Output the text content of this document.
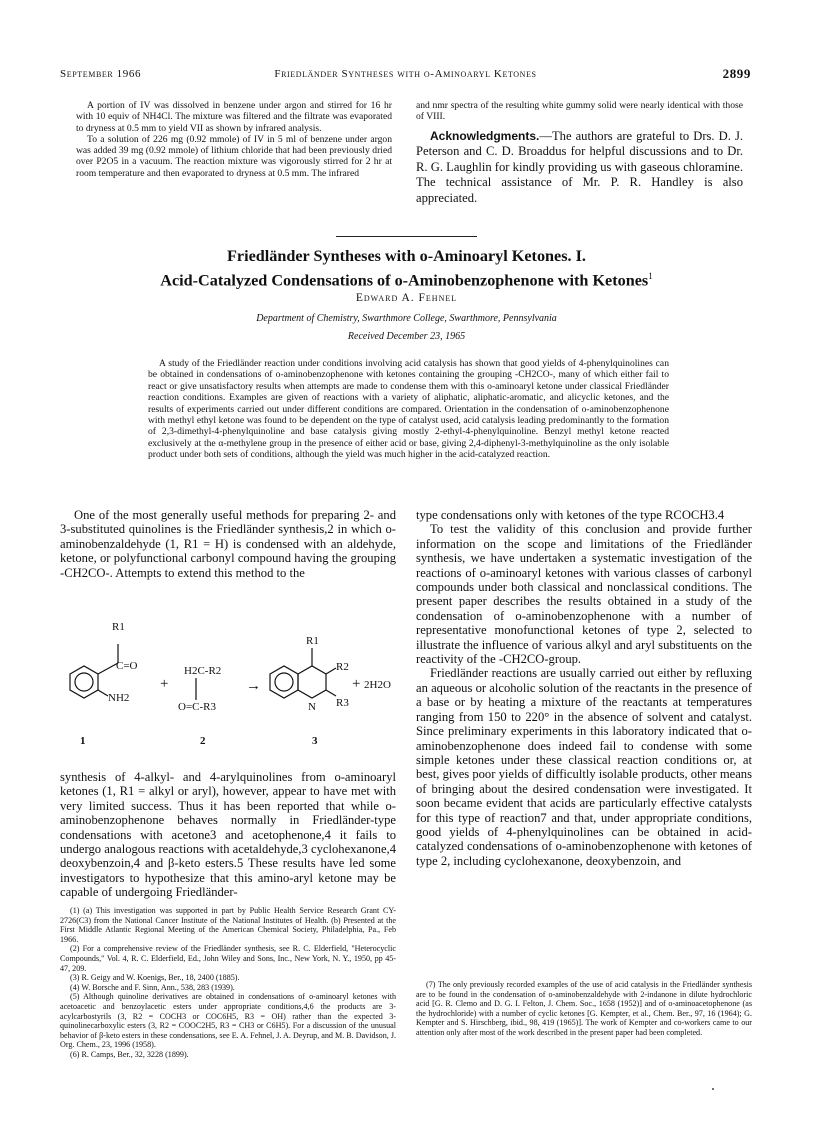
September 1966	Friedländer Syntheses with o-Aminoaryl Ketones	2899

A portion of IV was dissolved in benzene under argon and stirred for 16 hr with 10 equiv of NH4Cl. The mixture was filtered and the filtrate was evaporated to dryness at 0.5 mm to yield VII as shown by infrared analysis.

To a solution of 226 mg (0.92 mmole) of IV in 5 ml of benzene under argon was added 39 mg (0.92 mmole) of lithium chloride that had been previously dried over P2O5 in a vacuum. The reaction mixture was vigorously stirred for 2 hr at room temperature and then evaporated to dryness at 0.5 mm. The infrared

and nmr spectra of the resulting white gummy solid were nearly identical with those of VIII.
Acknowledgments.—The authors are grateful to Drs. D. J. Peterson and C. D. Broaddus for helpful discussions and to Dr. R. G. Laughlin for kindly providing us with gaseous chloramine. The technical assistance of Mr. P. R. Handley is also appreciated.
Friedländer Syntheses with o-Aminoaryl Ketones. I.
Acid-Catalyzed Condensations of o-Aminobenzophenone with Ketones$^1$
Edward A. Fehnel
Department of Chemistry, Swarthmore College, Swarthmore, Pennsylvania
Received December 23, 1965
A study of the Friedländer reaction under conditions involving acid catalysis has shown that good yields of 4-phenylquinolines can be obtained in condensations of o-aminobenzophenone with ketones containing the grouping -CH2CO-, many of which either fail to react or give unsatisfactory results when attempts are made to condense them with this o-aminoaryl ketone under classical Friedländer reaction conditions. Examples are given of reactions with a variety of aliphatic, aliphatic-aromatic, and alicyclic ketones, and the results of experiments carried out under different conditions are compared. Orientation in the condensation of o-aminobenzophenone with methyl ethyl ketone was found to be dependent on the type of catalyst used, acid catalysis leading predominantly to the formation of 2,3-dimethyl-4-phenylquinoline and base catalysis giving mostly 2-ethyl-4-phenylquinoline. Benzyl methyl ketone reacted exclusively at the α-methylene group in the presence of either acid or base, giving 2,4-diphenyl-3-methylquinoline as the only isolable product under both sets of conditions, although the yield was much higher in the acid-catalyzed reaction.

One of the most generally useful methods for preparing 2- and 3-substituted quinolines is the Friedländer synthesis,2 in which o-aminobenzaldehyde (1, R1 = H) is condensed with an aldehyde, ketone, or polyfunctional carbonyl compound having the grouping -CH2CO-. Attempts to extend this method to the

R1
C=O
NH2
+
H2C-R2
O=C-R3
→
R1
R2
N R3
+ 2H2O
1	2	3

synthesis of 4-alkyl- and 4-arylquinolines from o-aminoaryl ketones (1, R1 = alkyl or aryl), however, appear to have met with very limited success. Thus it has been reported that while o-aminobenzophenone behaves normally in Friedländer-type condensations with acetone3 and acetophenone,4 it fails to undergo analogous reactions with acetaldehyde,3 cyclohexanone,4 deoxybenzoin,4 and β-keto esters.5 These results have led some investigators to hypothesize that this amino-aryl ketone may be capable of undergoing Friedländer-

(1) (a) This investigation was supported in part by Public Health Service Research Grant CY-2726(C3) from the National Cancer Institute of the National Institutes of Health. (b) Presented at the First Middle Atlantic Regional Meeting of the American Chemical Society, Philadelphia, Pa., Feb 1966.

(2) For a comprehensive review of the Friedländer synthesis, see R. C. Elderfield, "Heterocyclic Compounds," Vol. 4, R. C. Elderfield, Ed., John Wiley and Sons, Inc., New York, N. Y., 1950, pp 45-47, 209.

(3) R. Geigy and W. Koenigs, Ber., 18, 2400 (1885).

(4) W. Borsche and F. Sinn, Ann., 538, 283 (1939).

(5) Although quinoline derivatives are obtained in condensations of o-aminoaryl ketones with acetoacetic and benzoylacetic esters under appropriate conditions,4,6 the products are 3-acylcarbostyrils (3, R2 = COCH3 or COC6H5, R3 = OH) rather than the expected 3-quinolinecarboxylic esters (3, R2 = COOC2H5, R3 = CH3 or C6H5). For a discussion of the unusual behavior of β-keto esters in these condensations, see E. A. Fehnel, J. A. Deyrup, and M. B. Davidson, J. Org. Chem., 23, 1996 (1958).

(6) R. Camps, Ber., 32, 3228 (1899).

type condensations only with ketones of the type RCOCH3.4

To test the validity of this conclusion and provide further information on the scope and limitations of the Friedländer synthesis, we have undertaken a systematic investigation of the reactions of o-aminoaryl ketones with various classes of carbonyl compounds under both classical and nonclassical conditions. The present paper describes the results obtained in a study of the condensation of o-aminobenzophenone with a number of representative monofunctional ketones of type 2, selected to illustrate the influence of various alkyl and aryl substituents on the reactivity of the -CH2CO-group.

Friedländer reactions are usually carried out either by refluxing an aqueous or alcoholic solution of the reactants in the presence of a base or by heating a mixture of the reactants at temperatures ranging from 150 to 220° in the absence of solvent and catalyst. Since preliminary experiments in this laboratory indicated that o-aminobenzophenone does indeed fail to condense with some simple ketones under these classical reaction conditions or, at best, gives poor yields of difficultly isolable products, other means of bringing about the desired condensation were investigated. It soon became evident that acids are particularly effective catalysts for this type of reaction7 and that, under appropriate conditions, good yields of 4-phenylquinolines can be obtained in acid-catalyzed condensations of o-aminobenzophenone with ketones of type 2, including cyclohexanone, deoxybenzoin, and

(7) The only previously recorded examples of the use of acid catalysis in the Friedländer synthesis are to be found in the condensation of o-aminobenzaldehyde with 2-indanone in dilute hydrochloric acid [G. R. Clemo and D. G. I. Felton, J. Chem. Soc., 1658 (1952)] and of o-aminoacetophenone (as the hydrochloride) with a number of cyclic ketones [G. Kempter, et al., Chem. Ber., 97, 16 (1964); G. Kempter and S. Hirschberg, ibid., 98, 419 (1965)]. The work of Kempter and co-workers came to our attention only after most of the work described in the present paper had been completed.
